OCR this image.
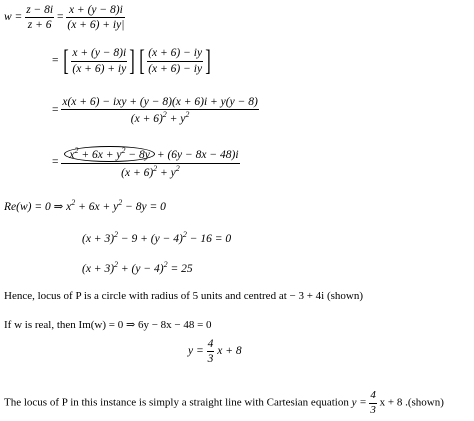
$w = \frac{z - 8i}{z + 6} = \frac{x + (y - 8)i}{(x + 6) + iy|}$
= [ $\frac{x + (y - 8)i}{(x + 6) + iy}$ ] [ $\frac{(x + 6) - iy}{(x + 6) - iy}$ ]
= $\frac{\text{x(x + 6) − ixy + (y − 8)(x + 6)i + y(y − 8)}}{(x + 6)^2 + y^2}$
= $\frac{x^2 + 6x + y^2 - 8y + (6y - 8x - 48)i}{(x + 6)^2 + y^2}$
Re(w) = 0 ⇒ $x^2 + 6x + y^2 - 8y = 0$
$(x + 3)^2 - 9 + (y - 4)^2 - 16 = 0$
$(x + 3)^2 + (y - 4)^2 = 25$
Hence, locus of P is a circle with radius of 5 units and centred at − 3 + 4i (shown)
If w is real, then Im(w) = 0 ⇒ 6y − 8x − 48 = 0
$y = \frac{4}{3}$ x + 8
The locus of P in this instance is simply a straight line with Cartesian equation $y = \frac{4}{3}$ x + 8 .(shown)
